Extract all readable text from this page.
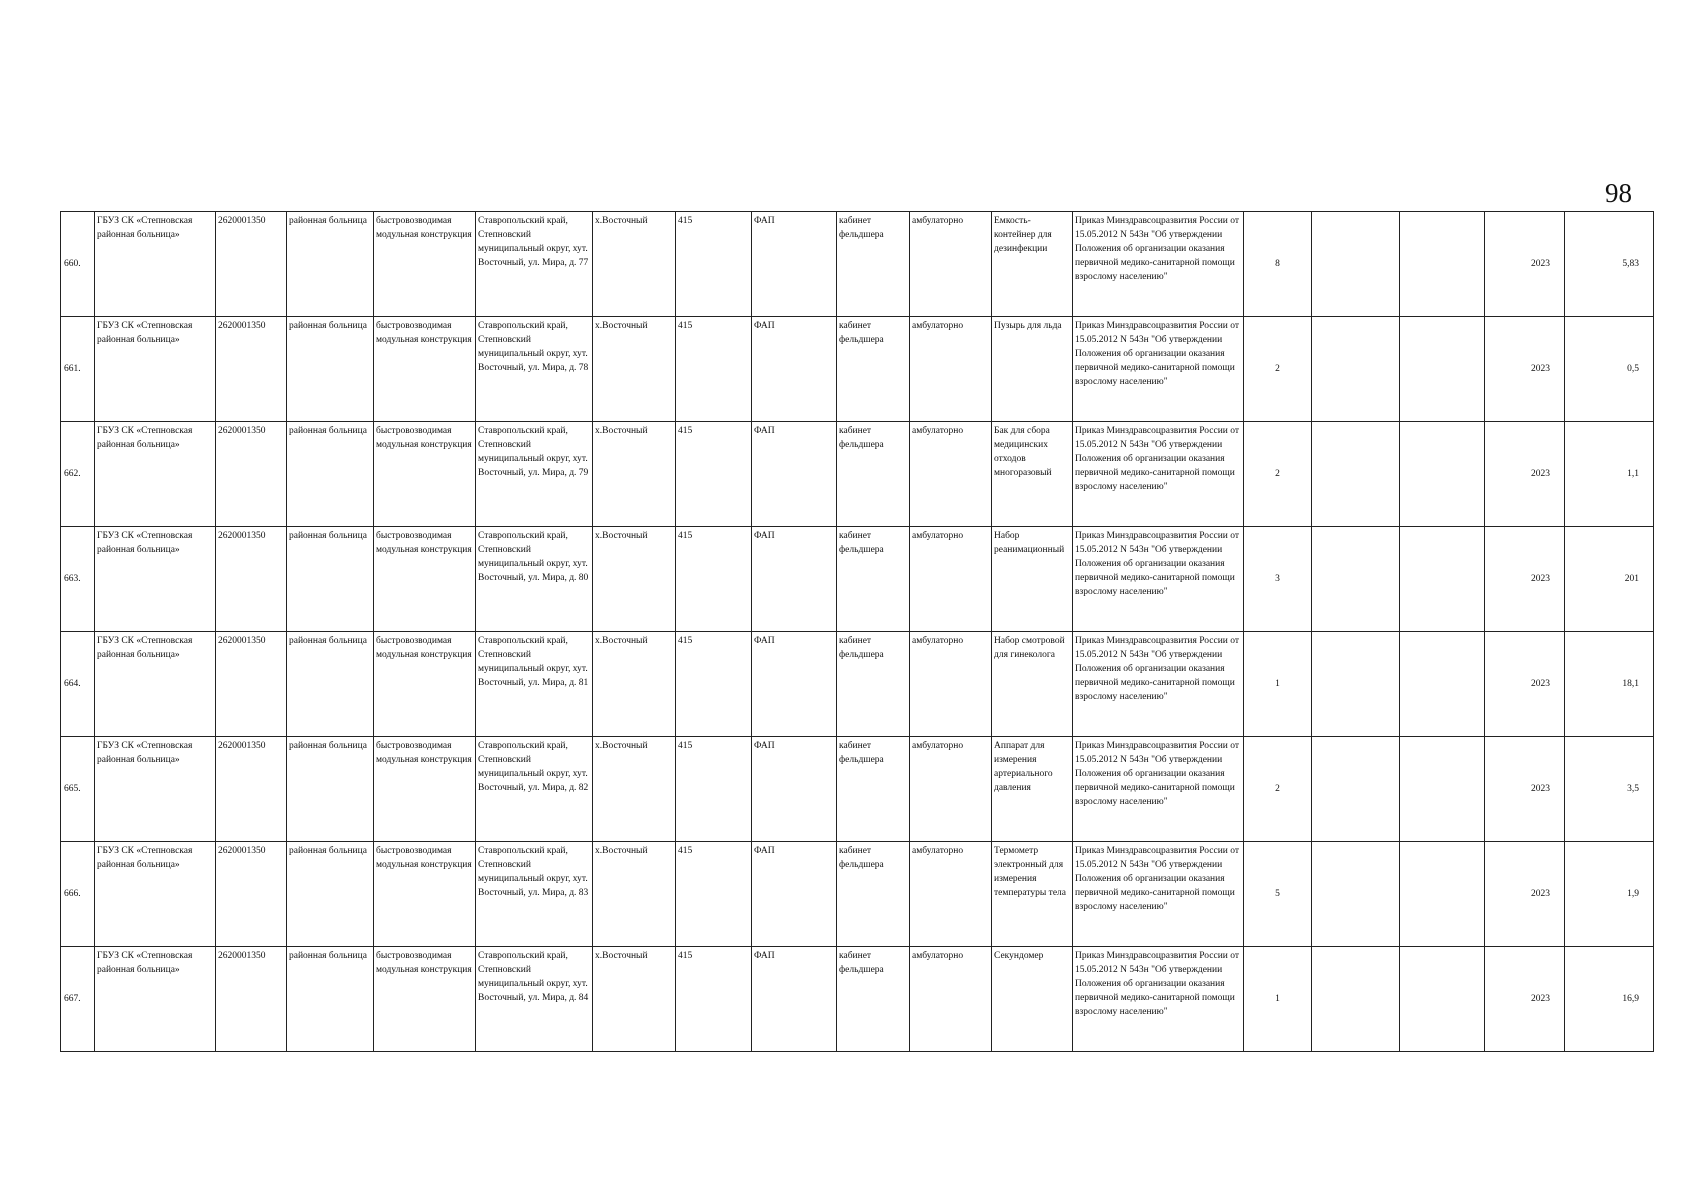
98
660.	ГБУЗ СК «Степновская районная больница»	2620001350	районная больница	быстровозводимая модульная конструкция	Ставропольский край, Степновский муниципальный округ, хут. Восточный, ул. Мира, д. 77	х.Восточный	415	ФАП	кабинет фельдшера	амбулаторно	Емкость-контейнер для дезинфекции	Приказ Минздравсоцразвития России от 15.05.2012 N 543н "Об утверждении Положения об организации оказания первичной медико-санитарной помощи взрослому населению"	8			2023	5,83
661.	ГБУЗ СК «Степновская районная больница»	2620001350	районная больница	быстровозводимая модульная конструкция	Ставропольский край, Степновский муниципальный округ, хут. Восточный, ул. Мира, д. 78	х.Восточный	415	ФАП	кабинет фельдшера	амбулаторно	Пузырь для льда	Приказ Минздравсоцразвития России от 15.05.2012 N 543н "Об утверждении Положения об организации оказания первичной медико-санитарной помощи взрослому населению"	2			2023	0,5
662.	ГБУЗ СК «Степновская районная больница»	2620001350	районная больница	быстровозводимая модульная конструкция	Ставропольский край, Степновский муниципальный округ, хут. Восточный, ул. Мира, д. 79	х.Восточный	415	ФАП	кабинет фельдшера	амбулаторно	Бак для сбора медицинских отходов многоразовый	Приказ Минздравсоцразвития России от 15.05.2012 N 543н "Об утверждении Положения об организации оказания первичной медико-санитарной помощи взрослому населению"	2			2023	1,1
663.	ГБУЗ СК «Степновская районная больница»	2620001350	районная больница	быстровозводимая модульная конструкция	Ставропольский край, Степновский муниципальный округ, хут. Восточный, ул. Мира, д. 80	х.Восточный	415	ФАП	кабинет фельдшера	амбулаторно	Набор реанимационный	Приказ Минздравсоцразвития России от 15.05.2012 N 543н "Об утверждении Положения об организации оказания первичной медико-санитарной помощи взрослому населению"	3			2023	201
664.	ГБУЗ СК «Степновская районная больница»	2620001350	районная больница	быстровозводимая модульная конструкция	Ставропольский край, Степновский муниципальный округ, хут. Восточный, ул. Мира, д. 81	х.Восточный	415	ФАП	кабинет фельдшера	амбулаторно	Набор смотровой для гинеколога	Приказ Минздравсоцразвития России от 15.05.2012 N 543н "Об утверждении Положения об организации оказания первичной медико-санитарной помощи взрослому населению"	1			2023	18,1
665.	ГБУЗ СК «Степновская районная больница»	2620001350	районная больница	быстровозводимая модульная конструкция	Ставропольский край, Степновский муниципальный округ, хут. Восточный, ул. Мира, д. 82	х.Восточный	415	ФАП	кабинет фельдшера	амбулаторно	Аппарат для измерения артериального давления	Приказ Минздравсоцразвития России от 15.05.2012 N 543н "Об утверждении Положения об организации оказания первичной медико-санитарной помощи взрослому населению"	2			2023	3,5
666.	ГБУЗ СК «Степновская районная больница»	2620001350	районная больница	быстровозводимая модульная конструкция	Ставропольский край, Степновский муниципальный округ, хут. Восточный, ул. Мира, д. 83	х.Восточный	415	ФАП	кабинет фельдшера	амбулаторно	Термометр электронный для измерения температуры тела	Приказ Минздравсоцразвития России от 15.05.2012 N 543н "Об утверждении Положения об организации оказания первичной медико-санитарной помощи взрослому населению"	5			2023	1,9
667.	ГБУЗ СК «Степновская районная больница»	2620001350	районная больница	быстровозводимая модульная конструкция	Ставропольский край, Степновский муниципальный округ, хут. Восточный, ул. Мира, д. 84	х.Восточный	415	ФАП	кабинет фельдшера	амбулаторно	Секундомер	Приказ Минздравсоцразвития России от 15.05.2012 N 543н "Об утверждении Положения об организации оказания первичной медико-санитарной помощи взрослому населению"	1			2023	16,9
